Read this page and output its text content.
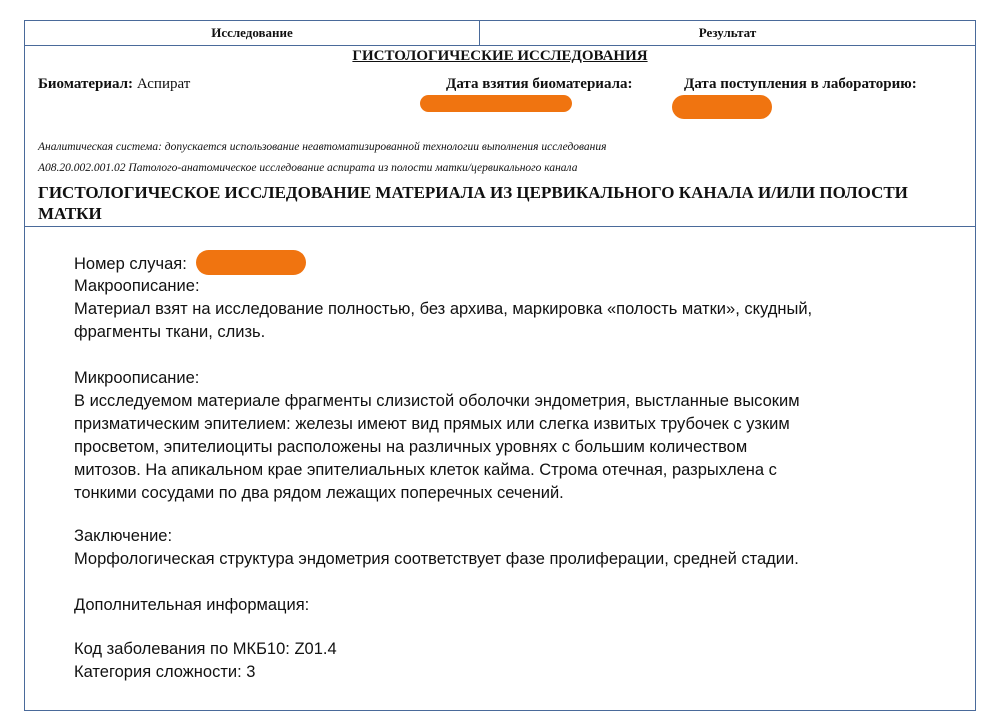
Исследование	Результат
ГИСТОЛОГИЧЕСКИЕ ИССЛЕДОВАНИЯ
Биоматериал: Аспират	Дата взятия биоматериала:	Дата поступления в лабораторию:
Аналитическая система: допускается использование неавтоматизированной технологии выполнения исследования
А08.20.002.001.02 Патолого-анатомическое исследование аспирата из полости матки/цервикального канала
ГИСТОЛОГИЧЕСКОЕ ИССЛЕДОВАНИЕ МАТЕРИАЛА ИЗ ЦЕРВИКАЛЬНОГО КАНАЛА И/ИЛИ ПОЛОСТИ МАТКИ
Номер случая:
Макроописание:
Материал взят на исследование полностью, без архива, маркировка «полость матки», скудный,
фрагменты ткани, слизь.
Микроописание:
В исследуемом материале фрагменты слизистой оболочки эндометрия, выстланные высоким
призматическим эпителием: железы имеют вид прямых или слегка извитых трубочек с узким
просветом, эпителиоциты расположены на различных уровнях с большим количеством
митозов. На апикальном крае эпителиальных клеток кайма. Строма отечная, разрыхлена с
тонкими сосудами по два рядом лежащих поперечных сечений.
Заключение:
Морфологическая структура эндометрия соответствует фазе пролиферации, средней стадии.
Дополнительная информация:
Код заболевания по МКБ10: Z01.4
Категория сложности: 3
